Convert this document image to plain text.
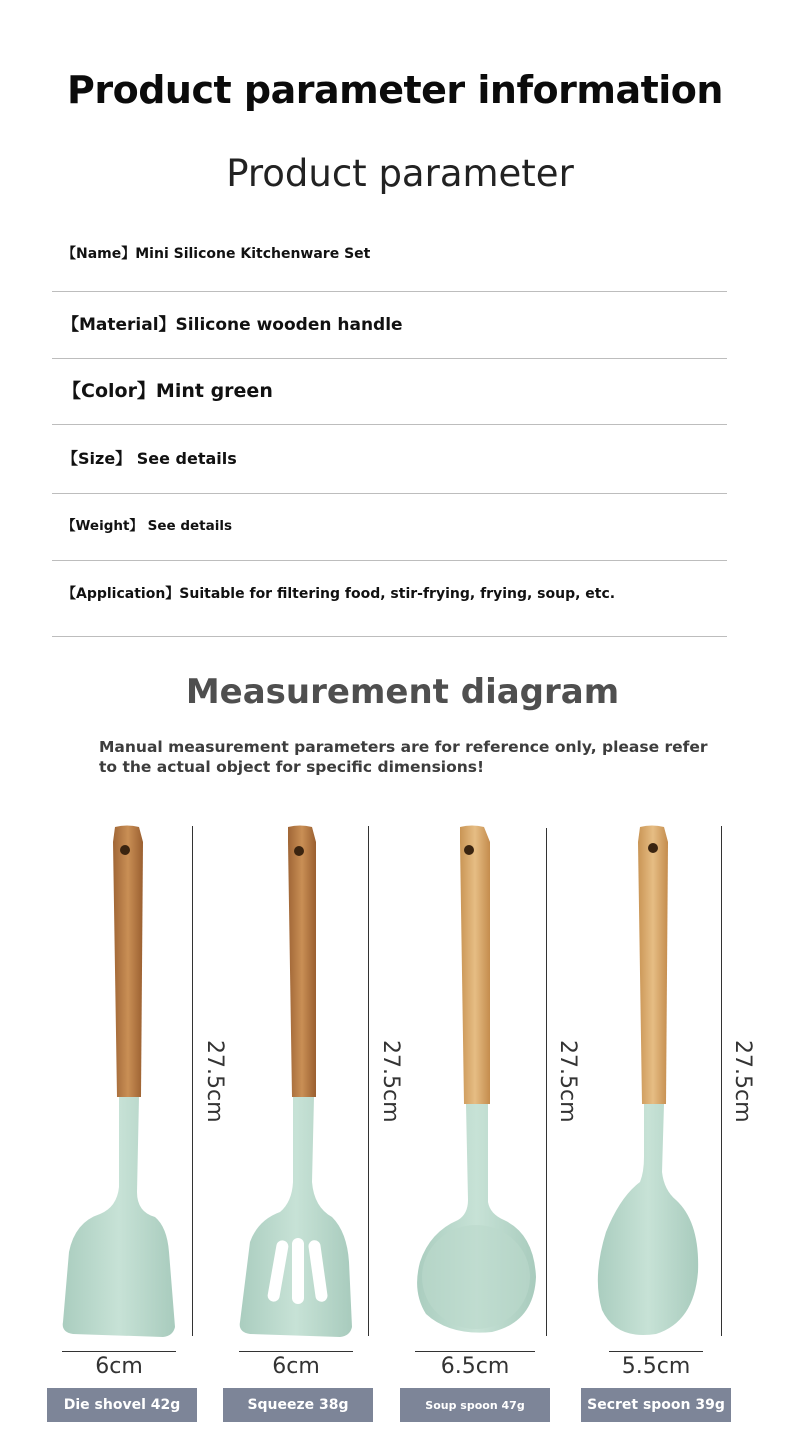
Product parameter information
Product parameter
【Name】Mini Silicone Kitchenware Set
【Material】Silicone wooden handle
【Color】Mint green
【Size】 See details
【Weight】 See details
【Application】Suitable for filtering food, stir-frying, frying, soup, etc.
Measurement diagram
Manual measurement parameters are for reference only, please refer to the actual object for specific dimensions!
27.5cm
6cm
Die shovel 42g
27.5cm
6cm
Squeeze 38g
27.5cm
6.5cm
Soup spoon 47g
27.5cm
5.5cm
Secret spoon 39g
